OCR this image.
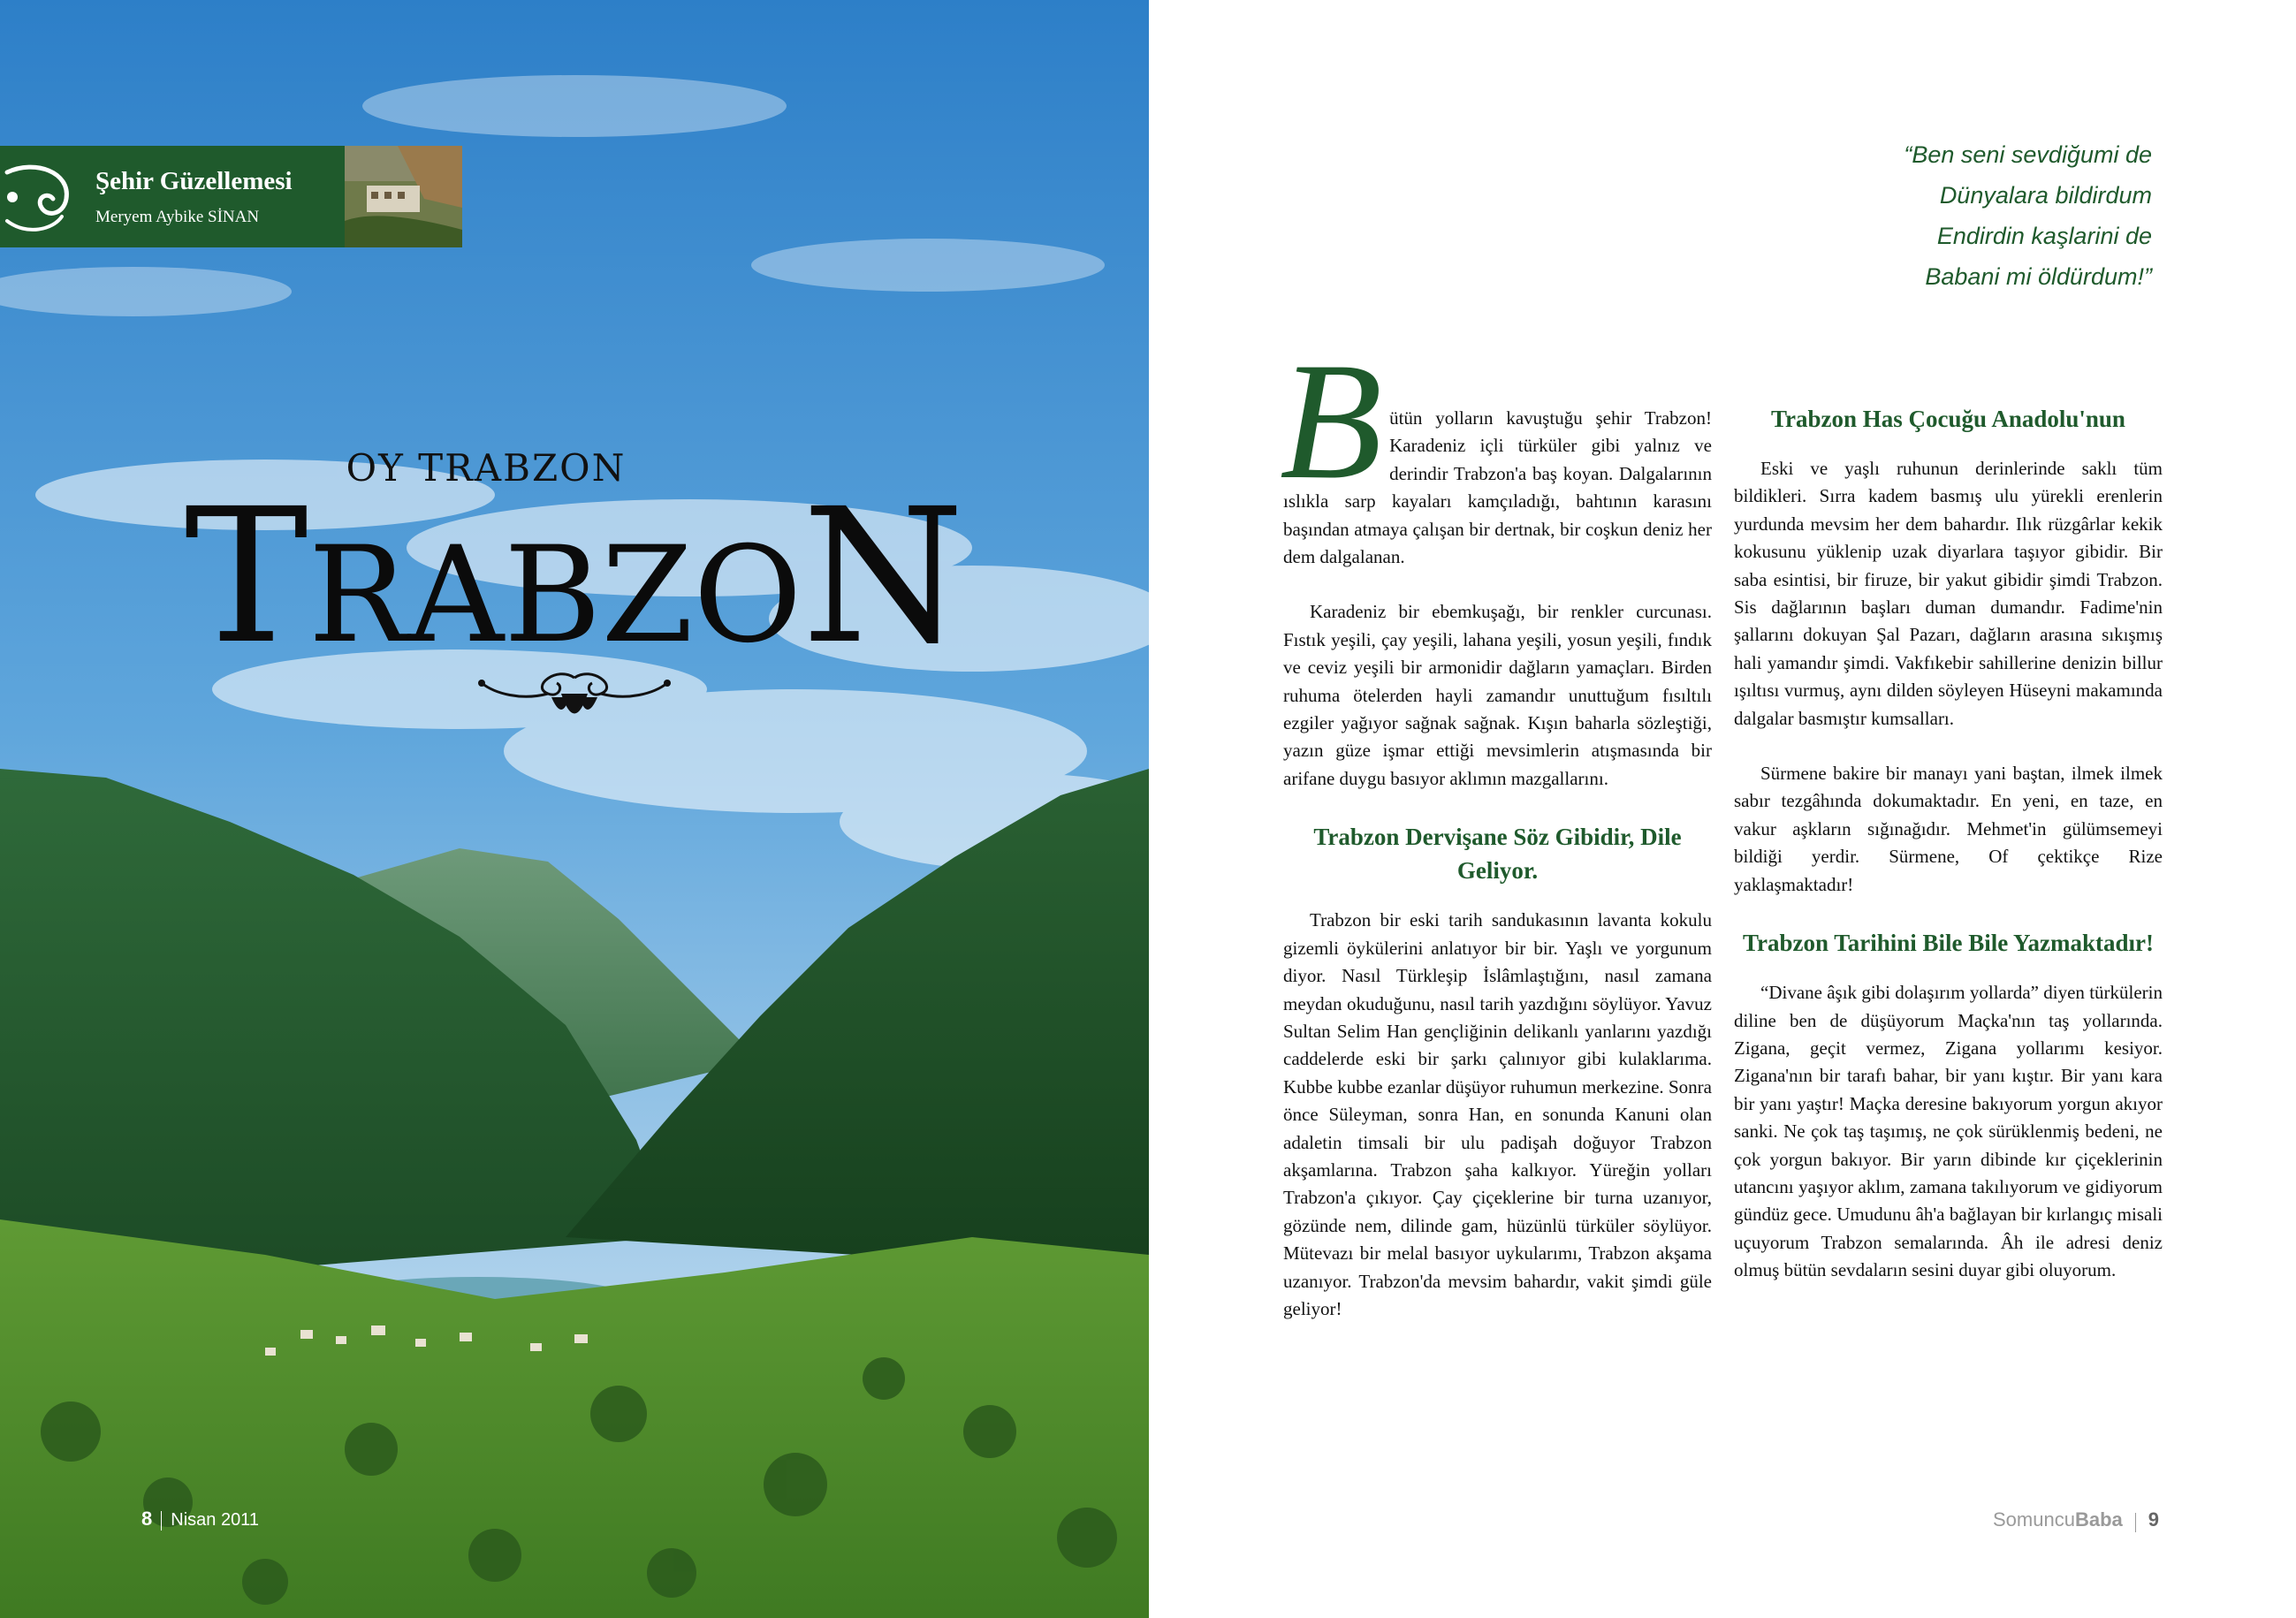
Şehir Güzellemesi
Meryem Aybike SİNAN
OY TRABZON
TRABZON
8 Nisan 2011
“Ben seni sevdiğumi de
Dünyalara bildirdum
Endirdin kaşlarini de
Babani mi öldürdum!”

Bütün yolların kavuştuğu şehir Trabzon! Karadeniz içli türküler gibi yalnız ve derindir Trabzon'a baş koyan. Dalgalarının ıslıkla sarp kayaları kamçıladığı, bahtının karasını başından atmaya çalışan bir dertnak, bir coşkun deniz her dem dalgalanan.

Karadeniz bir ebemkuşağı, bir renkler curcunası. Fıstık yeşili, çay yeşili, lahana yeşili, yosun yeşili, fındık ve ceviz yeşili bir armonidir dağların yamaçları. Birden ruhuma ötelerden hayli zamandır unuttuğum fısıltılı ezgiler yağıyor sağnak sağnak. Kışın baharla sözleştiği, yazın güze işmar ettiği mevsimlerin atışmasında bir arifane duygu basıyor aklımın mazgallarını.

Trabzon Dervişane Söz Gibidir, Dile Geliyor.

Trabzon bir eski tarih sandukasının lavanta kokulu gizemli öykülerini anlatıyor bir bir. Yaşlı ve yorgunum diyor. Nasıl Türkleşip İslâmlaştığını, nasıl zamana meydan okuduğunu, nasıl tarih yazdığını söylüyor. Yavuz Sultan Selim Han gençliğinin delikanlı yanlarını yazdığı caddelerde eski bir şarkı çalınıyor gibi kulaklarıma. Kubbe kubbe ezanlar düşüyor ruhumun merkezine. Sonra önce Süleyman, sonra Han, en sonunda Kanuni olan adaletin timsali bir ulu padişah doğuyor Trabzon akşamlarına. Trabzon şaha kalkıyor. Yüreğin yolları Trabzon'a çıkıyor. Çay çiçeklerine bir turna uzanıyor, gözünde nem, dilinde gam, hüzünlü türküler söylüyor. Mütevazı bir melal basıyor uykularımı, Trabzon akşama uzanıyor. Trabzon'da mevsim bahardır, vakit şimdi güle geliyor!

Trabzon Has Çocuğu Anadolu'nun

Eski ve yaşlı ruhunun derinlerinde saklı tüm bildikleri. Sırra kadem basmış ulu yürekli erenlerin yurdunda mevsim her dem bahardır. Ilık rüzgârlar kekik kokusunu yüklenip uzak diyarlara taşıyor gibidir. Bir saba esintisi, bir firuze, bir yakut gibidir şimdi Trabzon. Sis dağlarının başları duman dumandır. Fadime'nin şallarını dokuyan Şal Pazarı, dağların arasına sıkışmış hali yamandır şimdi. Vakfıkebir sahillerine denizin billur ışıltısı vurmuş, aynı dilden söyleyen Hüseyni makamında dalgalar basmıştır kumsalları.

Sürmene bakire bir manayı yani baştan, ilmek ilmek sabır tezgâhında dokumaktadır. En yeni, en taze, en vakur aşkların sığınağıdır. Mehmet'in gülümsemeyi bildiği yerdir. Sürmene, Of çektikçe Rize yaklaşmaktadır!

Trabzon Tarihini Bile Bile Yazmaktadır!

“Divane âşık gibi dolaşırım yollarda” diyen türkülerin diline ben de düşüyorum Maçka'nın taş yollarında. Zigana, geçit vermez, Zigana yollarımı kesiyor. Zigana'nın bir tarafı bahar, bir yanı kıştır. Bir yanı kara bir yanı yaştır! Maçka deresine bakıyorum yorgun akıyor sanki. Ne çok taş taşımış, ne çok sürüklenmiş bedeni, ne çok yorgun bakıyor. Bir yarın dibinde kır çiçeklerinin utancını yaşıyor aklım, zamana takılıyorum ve gidiyorum gündüz gece. Umudunu âh'a bağlayan bir kırlangıç misali uçuyorum Trabzon semalarında. Âh ile adresi deniz olmuş bütün sevdaların sesini duyar gibi oluyorum.

SomuncuBaba 9
